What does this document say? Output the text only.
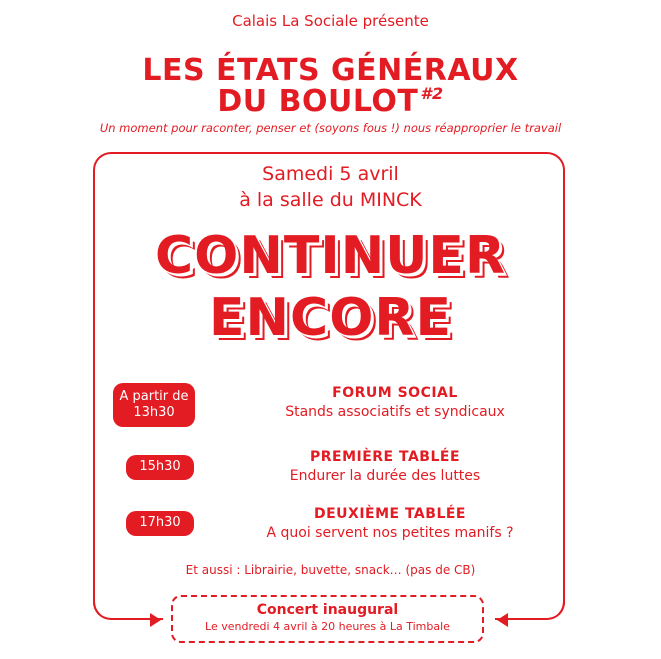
Calais La Sociale présente
LES ÉTATS GÉNÉRAUX
DU BOULOT $^{\#2}$
Un moment pour raconter, penser et (soyons fous !) nous réapproprier le travail
Samedi 5 avril
à la salle du MINCK
CONTINUER
ENCORE
A partir de 13h30
FORUM SOCIAL
Stands associatifs et syndicaux
15h30
PREMIÈRE TABLÉE
Endurer la durée des luttes
17h30
DEUXIÈME TABLÉE
A quoi servent nos petites manifs ?
Et aussi : Librairie, buvette, snack… (pas de CB)
Concert inaugural
Le vendredi 4 avril à 20 heures à La Timbale
